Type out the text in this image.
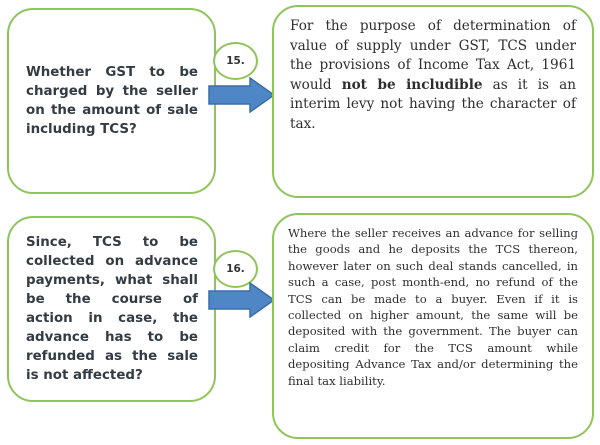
Whether GST to be charged by the seller on the amount of sale including TCS?
15.
For the purpose of determination of value of supply under GST, TCS under the provisions of Income Tax Act, 1961 would not be includible as it is an interim levy not having the character of tax.
Since, TCS to be collected on advance payments, what shall be the course of action in case, the advance has to be refunded as the sale is not affected?
16.
Where the seller receives an advance for selling the goods and he deposits the TCS thereon, however later on such deal stands cancelled, in such a case, post month-end, no refund of the TCS can be made to a buyer. Even if it is collected on higher amount, the same will be deposited with the government. The buyer can claim credit for the TCS amount while depositing Advance Tax and/or determining the final tax liability.
